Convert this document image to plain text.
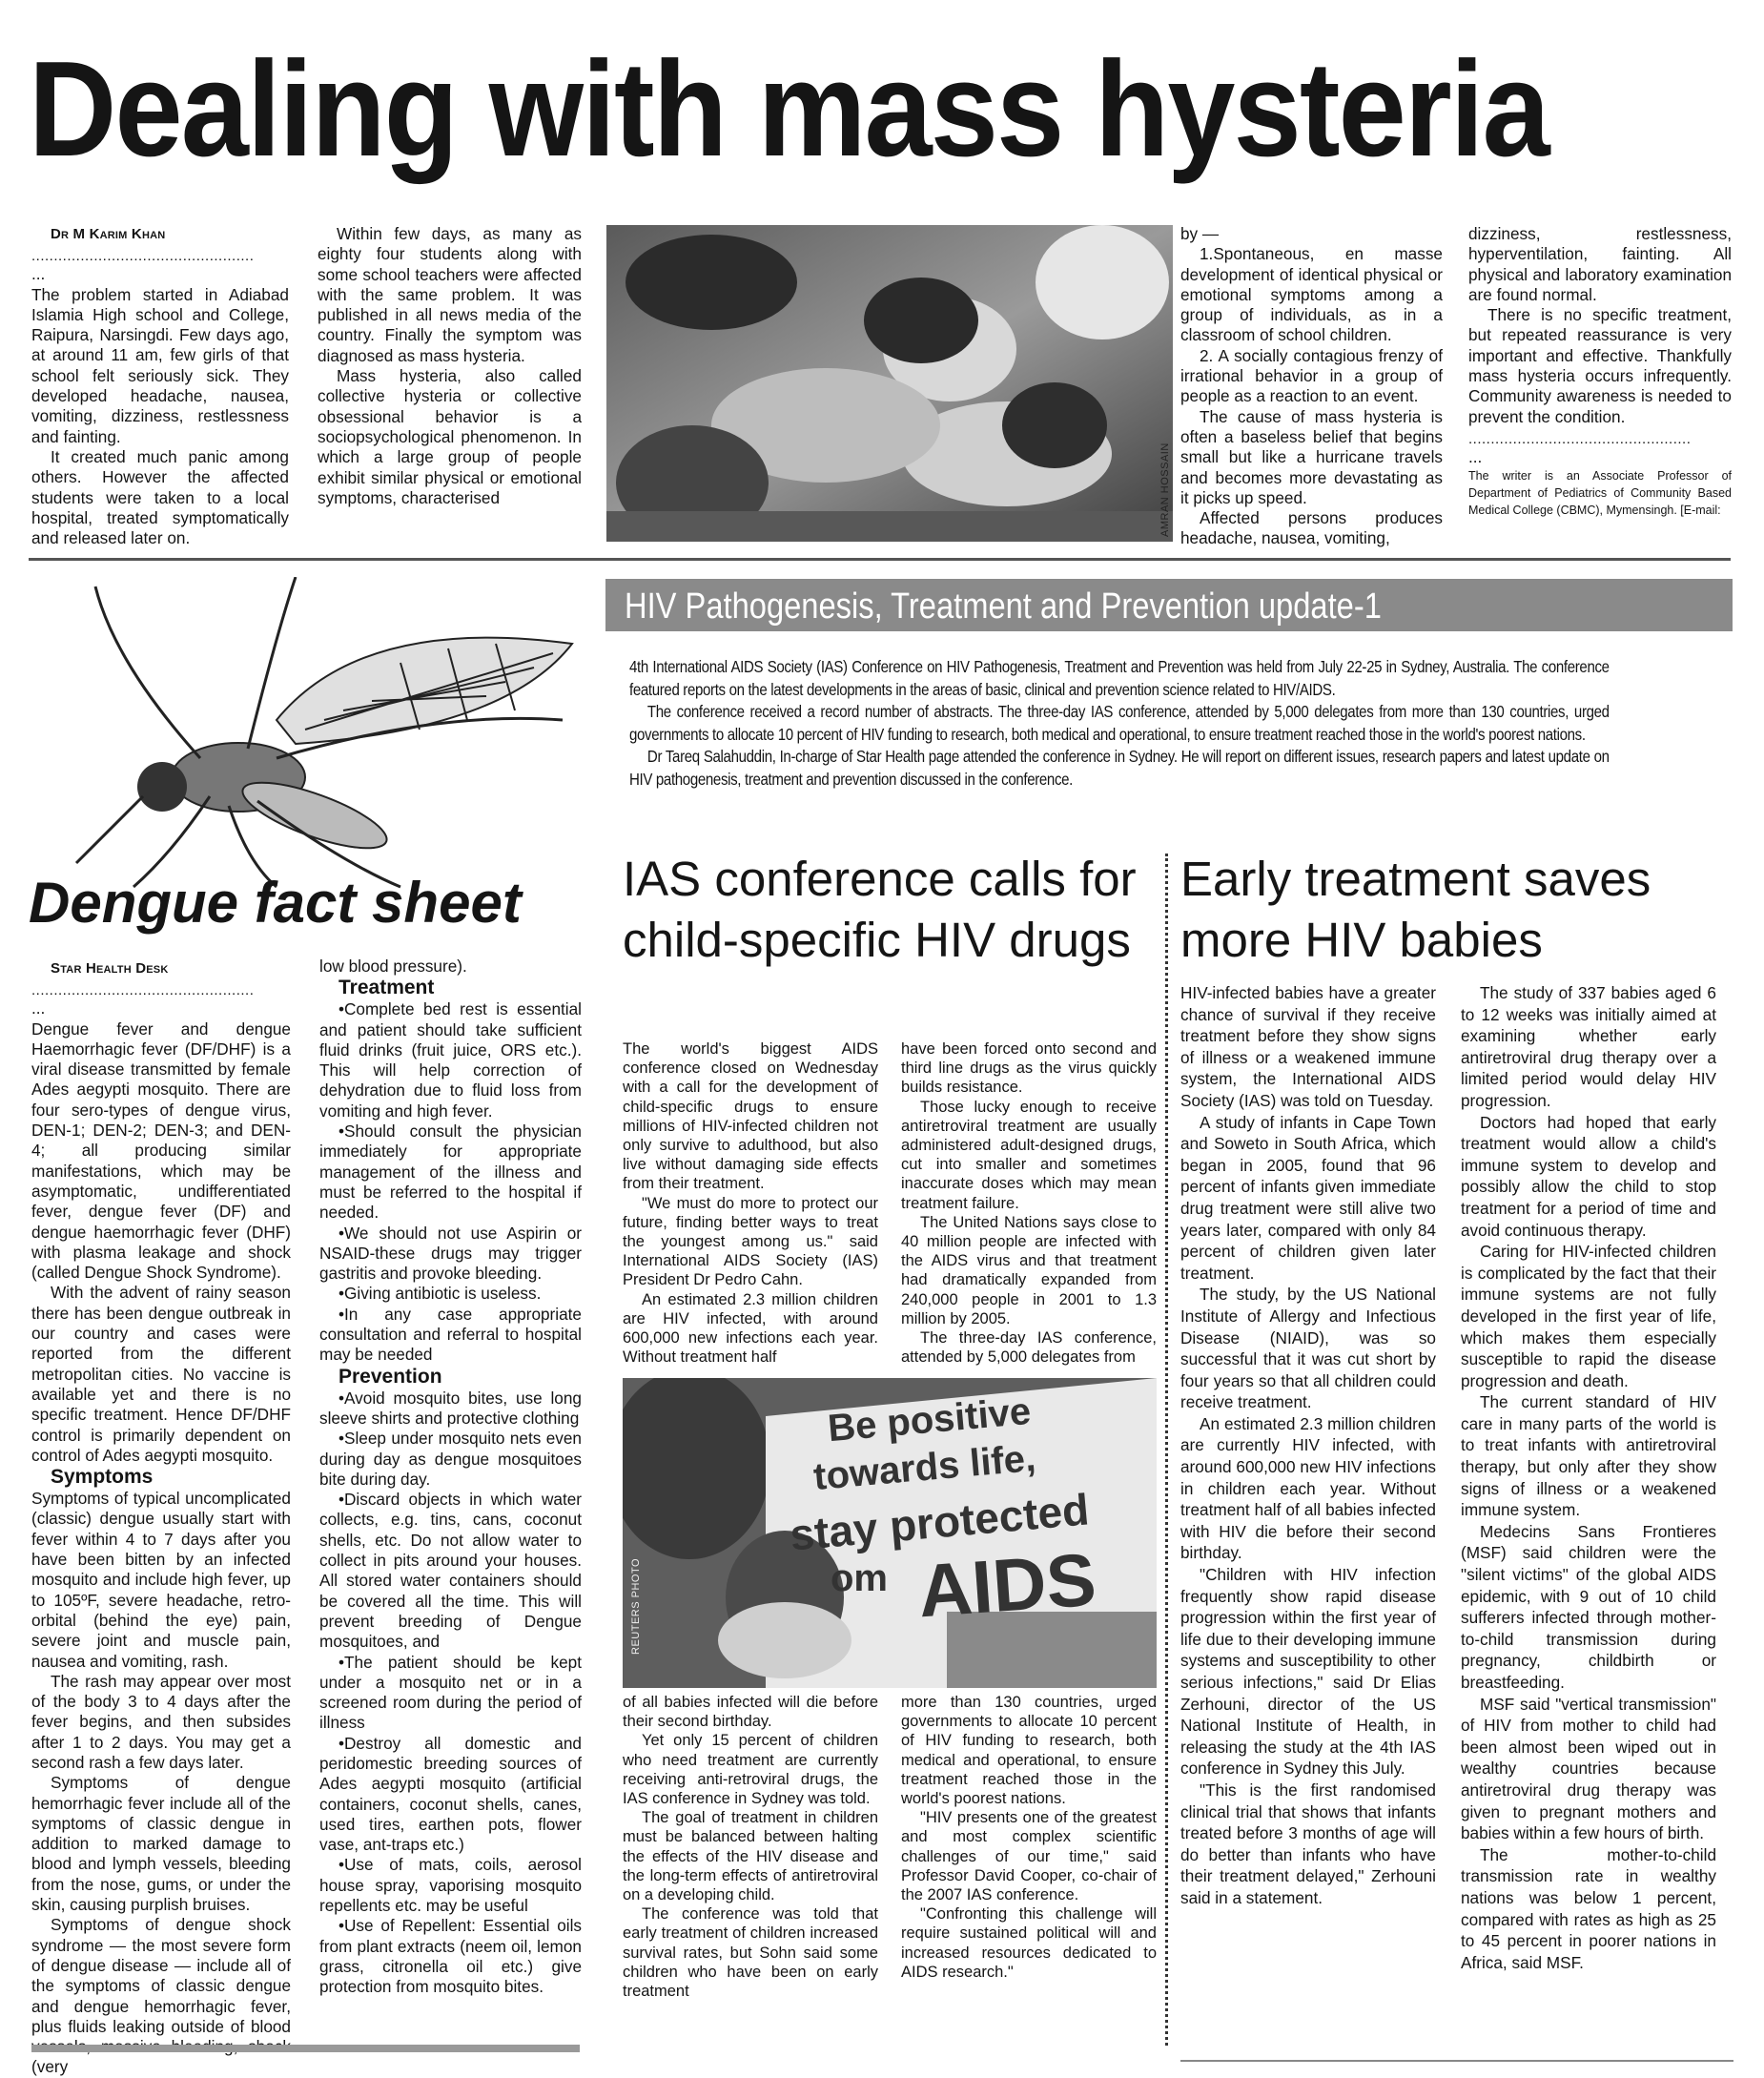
Dealing with mass hysteria

Dr M Karim Khan

..................................................

...

The problem started in Adiabad Islamia High school and College, Raipura, Narsingdi. Few days ago, at around 11 am, few girls of that school felt seriously sick. They developed headache, nausea, vomiting, dizziness, restlessness and fainting.

It created much panic among others. However the affected students were taken to a local hospital, treated symptomatically and released later on.

Within few days, as many as eighty four students along with some school teachers were affected with the same problem. It was published in all news media of the country. Finally the symptom was diagnosed as mass hysteria.

Mass hysteria, also called collective hysteria or collective obsessional behavior is a sociopsychological phenomenon. In which a large group of people exhibit similar physical or emotional symptoms, characterised	AMRAN HOSSAIN

by —

1.Spontaneous, en masse development of identical physical or emotional symptoms among a group of individuals, as in a classroom of school children.

2. A socially contagious frenzy of irrational behavior in a group of people as a reaction to an event.

The cause of mass hysteria is often a baseless belief that begins small but like a hurricane travels and becomes more devastating as it picks up speed.

Affected persons produces headache, nausea, vomiting,

dizziness, restlessness, hyperventilation, fainting. All physical and laboratory examination are found normal.

There is no specific treatment, but repeated reassurance is very important and effective. Thankfully mass hysteria occurs infrequently. Community awareness is needed to prevent the condition.

..................................................

...

The writer is an Associate Professor of Department of Pediatrics of Community Based Medical College (CBMC), Mymensingh. [E-mail:

Dengue fact sheet

Star Health Desk

..................................................

...

Dengue fever and dengue Haemorrhagic fever (DF/DHF) is a viral disease transmitted by female Ades aegypti mosquito. There are four sero-types of dengue virus, DEN-1; DEN-2; DEN-3; and DEN-4; all producing similar manifestations, which may be asymptomatic, undifferentiated fever, dengue fever (DF) and dengue haemorrhagic fever (DHF) with plasma leakage and shock (called Dengue Shock Syndrome).

With the advent of rainy season there has been dengue outbreak in our country and cases were reported from the different metropolitan cities. No vaccine is available yet and there is no specific treatment. Hence DF/DHF control is primarily dependent on control of Ades aegypti mosquito.

Symptoms

Symptoms of typical uncomplicated (classic) dengue usually start with fever within 4 to 7 days after you have been bitten by an infected mosquito and include high fever, up to 105ºF, severe headache, retro-orbital (behind the eye) pain, severe joint and muscle pain, nausea and vomiting, rash.

The rash may appear over most of the body 3 to 4 days after the fever begins, and then subsides after 1 to 2 days. You may get a second rash a few days later.

Symptoms of dengue hemorrhagic fever include all of the symptoms of classic dengue in addition to marked damage to blood and lymph vessels, bleeding from the nose, gums, or under the skin, causing purplish bruises.

Symptoms of dengue shock syndrome — the most severe form of dengue disease — include all of the symptoms of classic dengue and dengue hemorrhagic fever, plus fluids leaking outside of blood (very

low blood pressure).

Treatment

•Complete bed rest is essential and patient should take sufficient fluid drinks (fruit juice, ORS etc.). This will help correction of dehydration due to fluid loss from vomiting and high fever.

•Should consult the physician immediately for appropriate management of the illness and must be referred to the hospital if needed.

•We should not use Aspirin or NSAID-these drugs may trigger gastritis and provoke bleeding.

•Giving antibiotic is useless.

•In any case appropriate consultation and referral to hospital may be needed

Prevention

•Avoid mosquito bites, use long sleeve shirts and protective clothing

•Sleep under mosquito nets even during day as dengue mosquitoes bite during day.

•Discard objects in which water collects, e.g. tins, cans, coconut shells, etc. Do not allow water to collect in pits around your houses. All stored water containers should be covered all the time. This will prevent breeding of Dengue mosquitoes, and

•The patient should be kept under a mosquito net or in a screened room during the period of illness

•Destroy all domestic and peridomestic breeding sources of Ades aegypti mosquito (artificial containers, coconut shells, canes, used tires, earthen pots, flower vase, ant-traps etc.)

•Use of mats, coils, aerosol house spray, vaporising mosquito repellents etc. may be useful

•Use of Repellent: Essential oils from plant extracts (neem oil, lemon grass, citronella oil etc.) give protection from mosquito bites.

HIV Pathogenesis, Treatment and Prevention update-1

4th International AIDS Society (IAS) Conference on HIV Pathogenesis, Treatment and Prevention was held from July 22-25 in Sydney, Australia. The conference featured reports on the latest developments in the areas of basic, clinical and prevention science related to HIV/AIDS.

The conference received a record number of abstracts. The three-day IAS conference, attended by 5,000 delegates from more than 130 countries, urged governments to allocate 10 percent of HIV funding to research, both medical and operational, to ensure treatment reached those in the world's poorest nations.

Dr Tareq Salahuddin, In-charge of Star Health page attended the conference in Sydney. He will report on different issues, research papers and latest update on HIV pathogenesis, treatment and prevention discussed in the conference.

IAS conference calls for child-specific HIV drugs

The world's biggest AIDS conference closed on Wednesday with a call for the development of child-specific drugs to ensure millions of HIV-infected children not only survive to adulthood, but also live without damaging side effects from their treatment.

"We must do more to protect our future, finding better ways to treat the youngest among us." said International AIDS Society (IAS) President Dr Pedro Cahn.

An estimated 2.3 million children are HIV infected, with around 600,000 new infections each year. Without treatment half

have been forced onto second and third line drugs as the virus quickly builds resistance.

Those lucky enough to receive antiretroviral treatment are usually administered adult-designed drugs, cut into smaller and sometimes inaccurate doses which may mean treatment failure.

The United Nations says close to 40 million people are infected with the AIDS virus and that treatment had dramatically expanded from 240,000 people in 2001 to 1.3 million by 2005.

The three-day IAS conference, attended by 5,000 delegates from

Be positive
towards life,
stay protected
om AIDS
REUTERS PHOTO

of all babies infected will die before their second birthday.

Yet only 15 percent of children who need treatment are currently receiving anti-retroviral drugs, the IAS conference in Sydney was told.

The goal of treatment in children must be balanced between halting the effects of the HIV disease and the long-term effects of antiretroviral on a developing child.

The conference was told that early treatment of children increased survival rates, but Sohn said some children who have been on early treatment

more than 130 countries, urged governments to allocate 10 percent of HIV funding to research, both medical and operational, to ensure treatment reached those in the world's poorest nations.

"HIV presents one of the greatest and most complex scientific challenges of our time," said Professor David Cooper, co-chair of the 2007 IAS conference.

"Confronting this challenge will require sustained political will and increased resources dedicated to AIDS research."

Early treatment saves more HIV babies

HIV-infected babies have a greater chance of survival if they receive treatment before they show signs of illness or a weakened immune system, the International AIDS Society (IAS) was told on Tuesday.

A study of infants in Cape Town and Soweto in South Africa, which began in 2005, found that 96 percent of infants given immediate drug treatment were still alive two years later, compared with only 84 percent of children given later treatment.

The study, by the US National Institute of Allergy and Infectious Disease (NIAID), was so successful that it was cut short by four years so that all children could receive treatment.

An estimated 2.3 million children are currently HIV infected, with around 600,000 new HIV infections in children each year. Without treatment half of all babies infected with HIV die before their second birthday.

"Children with HIV infection frequently show rapid disease progression within the first year of life due to their developing immune systems and susceptibility to other serious infections," said Dr Elias Zerhouni, director of the US National Institute of Health, in releasing the study at the 4th IAS conference in Sydney this July.

"This is the first randomised clinical trial that shows that infants treated before 3 months of age will do better than infants who have their treatment delayed," Zerhouni said in a statement.

The study of 337 babies aged 6 to 12 weeks was initially aimed at examining whether early antiretroviral drug therapy over a limited period would delay HIV progression.

Doctors had hoped that early treatment would allow a child's immune system to develop and possibly allow the child to stop treatment for a period of time and avoid continuous therapy.

Caring for HIV-infected children is complicated by the fact that their immune systems are not fully developed in the first year of life, which makes them especially susceptible to rapid the disease progression and death.

The current standard of HIV care in many parts of the world is to treat infants with antiretroviral therapy, but only after they show signs of illness or a weakened immune system.

Medecins Sans Frontieres (MSF) said children were the "silent victims" of the global AIDS epidemic, with 9 out of 10 child sufferers infected through mother-to-child transmission during pregnancy, childbirth or breastfeeding.

MSF said "vertical transmission" of HIV from mother to child had been almost been wiped out in wealthy countries because antiretroviral drug therapy was given to pregnant mothers and babies within a few hours of birth.

The mother-to-child transmission rate in wealthy nations was below 1 percent, compared with rates as high as 25 to 45 percent in poorer nations in Africa, said MSF.
